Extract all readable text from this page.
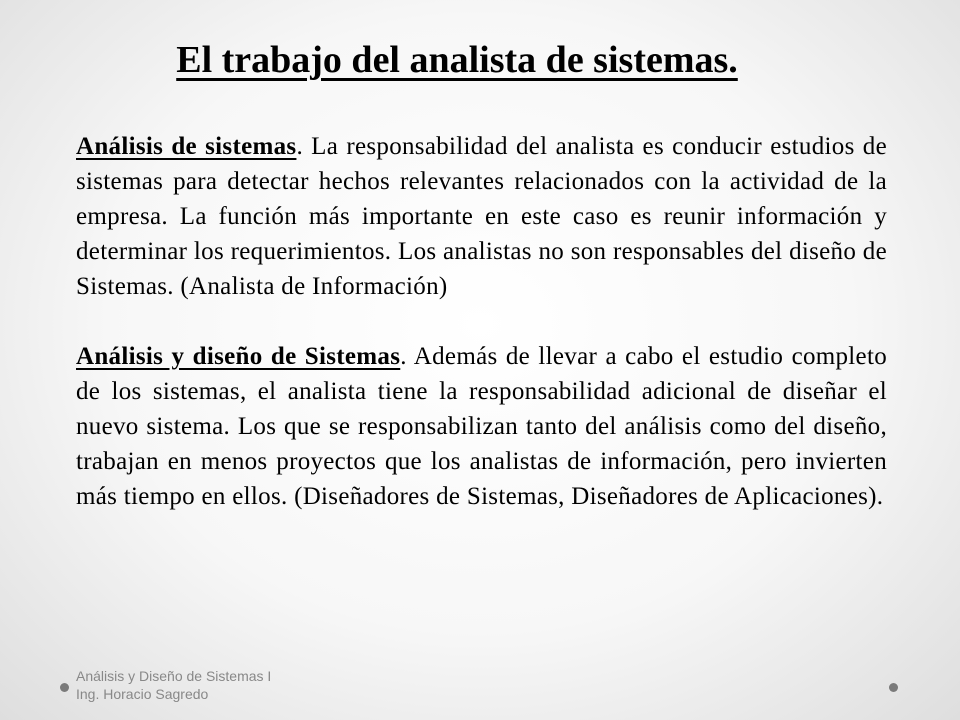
El trabajo del analista de sistemas.

Análisis de sistemas. La responsabilidad del analista es conducir estudios de sistemas para detectar hechos relevantes relacionados con la actividad de la empresa. La función más importante en este caso es reunir información y determinar los requerimientos. Los analistas no son responsables del diseño de Sistemas. (Analista de Información)

Análisis y diseño de Sistemas. Además de llevar a cabo el estudio completo de los sistemas, el analista tiene la responsabilidad adicional de diseñar el nuevo sistema. Los que se responsabilizan tanto del análisis como del diseño, trabajan en menos proyectos que los analistas de información, pero invierten más tiempo en ellos. (Diseñadores de Sistemas, Diseñadores de Aplicaciones).

Análisis y Diseño de Sistemas I
Ing. Horacio Sagredo
